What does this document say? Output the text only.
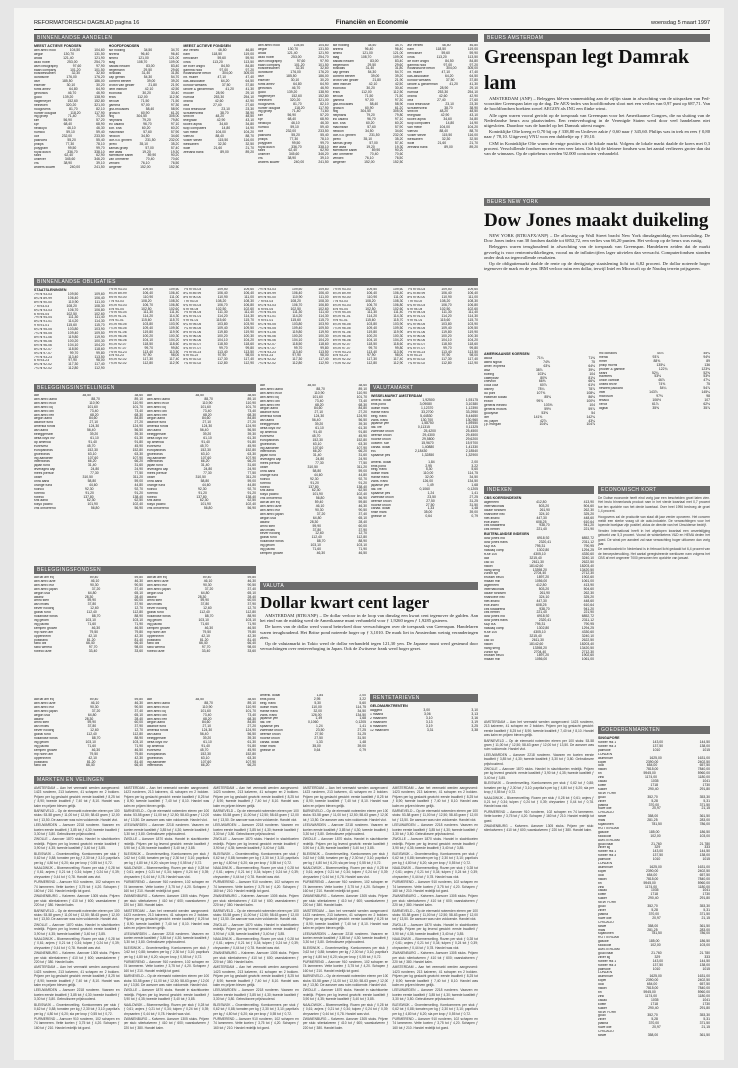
REFORMATORISCH DAGBLAD pagina 16	Financiën en Economie	woensdag 5 maart 1997
BINNENLANDSE AANDELEN
MEEST ACTIEVE FONDSEN
abn amro hold	104,50	104,60
aegon	130,70	131,50
ahold	121,40	121,90
akzo nobel	253,00	254,70
asm lithography	97,60	97,90
baan company	101,20	101,50
bolswessanen	32,30	32,60
dordtsche	176,00	176,20
dsm	185,50	186,00
elsevier	30,10	30,20
fortis amev	64,80	64,90
getronics	46,70	46,90
gucci	139,20	138,90
hagemeyer	152,60	152,80
heineken	320,20	321,00
hoogovens	81,70	82,10
hunter douglas	118,20	117,90
ing groep	71,40	71,60
klm	56,90	57,20
kpn	68,40	68,90
nedlloyd	46,10	46,30
numico	59,10	59,40
oce	232,00	233,50
pakhoed	55,20	55,40
philips	77,30	78,10
polygram	99,50	99,70
royal dutch	336,70	338,10
stork	62,40	62,90
unilever	345,60	346,20
vnu	38,90	39,10
wolters kluwer	240,00	241,50
HOOFDFONDSEN
acf holding	34,50	34,70
ahrend	96,40	96,40
ammo	121,00	121,00
atag	108,70	109,00
ballast nedam	83,00	83,40
begemann	29,50	29,60
boskalis	31,40	31,80
cap gemini	54,30	54,70
content beheer	39,00	39,20
crown van gelder	21,80	21,90
delft instrum	42,10	42,50
econosto	30,20	30,40
eriks	112,00	112,50
flexovit	71,50	71,50
gamma	97,00	97,30
gist-brocades	58,40	58,90
grolsch	60,90	61,20
hbg	304,50	305,00
heijmans	79,20	79,80
ihc caland	96,70	97,10
kon. kna	60,20	60,20
macintosh	57,60	57,90
nedcon	34,50	34,60
oce-v.d. grinten	231,50	232,00
pirelli	35,10	35,20
samas groep	57,00	57,40
tele atlas	19,20	19,30
twentsche kabel	89,90	90,20
van ommeren	70,40	70,60
vendex	76,10	76,50
wegener	152,00	152,50
MEEST ACTIEVE FONDSEN
asr verzek	46,50	46,80
bam	118,50	119,00
benckiser	59,60	59,90
cindu	113,20	113,50
de boer unigro	84,50	84,80
gamma hold	97,00	97,20
hollandsche beton	304,00	305,00
int. muller	47,10	47,40
kas-associatie	64,20	64,50
kondor wessels	37,50	37,80
landre & glinderman	41,20	41,30
moolen	28,90	29,10
nutricia	253,30	254,10
ordina	42,60	42,90
otra	27,40	27,60
rood testhouse	23,10	23,30
schuttersveld	38,70	38,90
smit int	48,20	48,50
telegraaf	42,90	43,10
toolex alpha	34,60	34,80
tulip computers	14,80	14,90
van melle	104,00	104,20
vilenzo	88,40	88,70
volker stevin	115,50	116,00
wessanen	32,30	32,50
wolff	21,60	21,70
zeeland bank	89,00	89,20
abn amro hold	104,50	104,60
aegon	130,70	131,50
ahold	121,40	121,90
akzo nobel	253,00	254,70
asm lithography	97,60	97,90
baan company	101,20	101,50
bolswessanen	32,30	32,60
dordtsche	176,00	176,20
dsm	185,50	186,00
elsevier	30,10	30,20
fortis amev	64,80	64,90
getronics	46,70	46,90
gucci	139,20	138,90
hagemeyer	152,60	152,80
heineken	320,20	321,00
hoogovens	81,70	82,10
hunter douglas	118,20	117,90
ing groep	71,40	71,60
klm	56,90	57,20
kpn	68,40	68,90
nedlloyd	46,10	46,30
numico	59,10	59,40
oce	232,00	233,50
pakhoed	55,20	55,40
philips	77,30	78,10
polygram	99,50	99,70
royal dutch	336,70	338,10
stork	62,40	62,90
unilever	345,60	346,20
vnu	38,90	39,10
wolters kluwer	240,00	241,50
acf holding	34,50	34,70
ahrend	96,40	96,40
ammo	121,00	121,00
atag	108,70	109,00
ballast nedam	83,00	83,40
begemann	29,50	29,60
boskalis	31,40	31,80
cap gemini	54,30	54,70
content beheer	39,00	39,20
crown van gelder	21,80	21,90
delft instrum	42,10	42,50
econosto	30,20	30,40
eriks	112,00	112,50
flexovit	71,50	71,50
gamma	97,00	97,30
gist-brocades	58,40	58,90
grolsch	60,90	61,20
hbg	304,50	305,00
heijmans	79,20	79,80
ihc caland	96,70	97,10
kon. kna	60,20	60,20
macintosh	57,60	57,90
nedcon	34,50	34,60
oce-v.d. grinten	231,50	232,00
pirelli	35,10	35,20
samas groep	57,00	57,40
tele atlas	19,20	19,30
twentsche kabel	89,90	90,20
van ommeren	70,40	70,60
vendex	76,10	76,50
wegener	152,00	152,50
asr verzek	46,50	46,80
bam	118,50	119,00
benckiser	59,60	59,90
cindu	113,20	113,50
de boer unigro	84,50	84,80
gamma hold	97,00	97,20
hollandsche beton	304,00	305,00
int. muller	47,10	47,40
kas-associatie	64,20	64,50
kondor wessels	37,50	37,80
landre & glinderman	41,20	41,30
moolen	28,90	29,10
nutricia	253,30	254,10
ordina	42,60	42,90
otra	27,40	27,60
rood testhouse	23,10	23,30
schuttersveld	38,70	38,90
smit int	48,20	48,50
telegraaf	42,90	43,10
toolex alpha	34,60	34,80
tulip computers	14,80	14,90
van melle	104,00	104,20
vilenzo	88,40	88,70
volker stevin	115,50	116,00
wessanen	32,30	32,50
wolff	21,60	21,70
zeeland bank	89,00	89,20
BINNENLANDSE OBLIGATIES
STAATSLENINGEN
7½ nl 93-03	109,50	109,60
8¼ nl 89-99	106,40	106,40
8½ nl 90-00	110,90	111,00
7 nl 93-03	108,20	108,30
6¾ nl 93-03	106,70	106,80
6 nl 94-04	102,50	102,60
7½ nl 94-04	111,30	111,40
8¾ nl 91-01	114,20	114,30
9 nl 91-01	115,60	115,70
6¼ nl 95-05	103,80	103,90
7¼ nl 95-05	109,40	109,50
8½ nl 91-06	119,80	119,90
5¾ nl 96-06	100,20	100,30
6½ nl 96-06	104,10	104,20
8¼ nl 92-07	118,50	118,60
5¾ nl 97-07	99,70	99,80
7½ nl 93-23	113,40	113,50
6 nl 93-23	97,90	98,00
8¾ nl 92-02	117,30	117,40
7¾ nl 92-02	112,80	112,90
7½ nl 93-03	109,50	109,60
8¼ nl 89-99	106,40	106,40
8½ nl 90-00	110,90	111,00
7 nl 93-03	108,20	108,30
6¾ nl 93-03	106,70	106,80
6 nl 94-04	102,50	102,60
7½ nl 94-04	111,30	111,40
8¾ nl 91-01	114,20	114,30
9 nl 91-01	115,60	115,70
6¼ nl 95-05	103,80	103,90
7¼ nl 95-05	109,40	109,50
8½ nl 91-06	119,80	119,90
5¾ nl 96-06	100,20	100,30
6½ nl 96-06	104,10	104,20
8¼ nl 92-07	118,50	118,60
5¾ nl 97-07	99,70	99,80
7½ nl 93-23	113,40	113,50
6 nl 93-23	97,90	98,00
8¾ nl 92-02	117,30	117,40
7¾ nl 92-02	112,80	112,90
7½ nl 93-03	109,50	109,60
8¼ nl 89-99	106,40	106,40
8½ nl 90-00	110,90	111,00
7 nl 93-03	108,20	108,30
6¾ nl 93-03	106,70	106,80
6 nl 94-04	102,50	102,60
7½ nl 94-04	111,30	111,40
8¾ nl 91-01	114,20	114,30
9 nl 91-01	115,60	115,70
6¼ nl 95-05	103,80	103,90
7¼ nl 95-05	109,40	109,50
8½ nl 91-06	119,80	119,90
5¾ nl 96-06	100,20	100,30
6½ nl 96-06	104,10	104,20
8¼ nl 92-07	118,50	118,60
5¾ nl 97-07	99,70	99,80
7½ nl 93-23	113,40	113,50
6 nl 93-23	97,90	98,00
8¾ nl 92-02	117,30	117,40
7¾ nl 92-02	112,80	112,90
7½ nl 93-03	109,50	109,60
8¼ nl 89-99	106,40	106,40
8½ nl 90-00	110,90	111,00
7 nl 93-03	108,20	108,30
6¾ nl 93-03	106,70	106,80
6 nl 94-04	102,50	102,60
7½ nl 94-04	111,30	111,40
8¾ nl 91-01	114,20	114,30
9 nl 91-01	115,60	115,70
6¼ nl 95-05	103,80	103,90
7¼ nl 95-05	109,40	109,50
8½ nl 91-06	119,80	119,90
5¾ nl 96-06	100,20	100,30
6½ nl 96-06	104,10	104,20
8¼ nl 92-07	118,50	118,60
5¾ nl 97-07	99,70	99,80
7½ nl 93-23	113,40	113,50
6 nl 93-23	97,90	98,00
8¾ nl 92-02	117,30	117,40
7¾ nl 92-02	112,80	112,90
7½ nl 93-03	109,50	109,60
8¼ nl 89-99	106,40	106,40
8½ nl 90-00	110,90	111,00
7 nl 93-03	108,20	108,30
6¾ nl 93-03	106,70	106,80
6 nl 94-04	102,50	102,60
7½ nl 94-04	111,30	111,40
8¾ nl 91-01	114,20	114,30
9 nl 91-01	115,60	115,70
6¼ nl 95-05	103,80	103,90
7¼ nl 95-05	109,40	109,50
8½ nl 91-06	119,80	119,90
5¾ nl 96-06	100,20	100,30
6½ nl 96-06	104,10	104,20
8¼ nl 92-07	118,50	118,60
5¾ nl 97-07	99,70	99,80
7½ nl 93-23	113,40	113,50
6 nl 93-23	97,90	98,00
8¾ nl 92-02	117,30	117,40
7¾ nl 92-02	112,80	112,90
7½ nl 93-03	109,50	109,60
8¼ nl 89-99	106,40	106,40
8½ nl 90-00	110,90	111,00
7 nl 93-03	108,20	108,30
6¾ nl 93-03	106,70	106,80
6 nl 94-04	102,50	102,60
7½ nl 94-04	111,30	111,40
8¾ nl 91-01	114,20	114,30
9 nl 91-01	115,60	115,70
6¼ nl 95-05	103,80	103,90
7¼ nl 95-05	109,40	109,50
8½ nl 91-06	119,80	119,90
5¾ nl 96-06	100,20	100,30
6½ nl 96-06	104,10	104,20
8¼ nl 92-07	118,50	118,60
5¾ nl 97-07	99,70	99,80
7½ nl 93-23	113,40	113,50
6 nl 93-23	97,90	98,00
8¾ nl 92-02	117,30	117,40
7¾ nl 92-02	112,80	112,90
BELEGGINGSINSTELLINGEN
aaf	38,50	38,60
abn amro aand	88,70	89,10
abn amro ecuf	110,90	110,90
abn amro liq	101,60	101,70
abn amro obl	73,40	73,40
abn amro ren	68,20	68,30
aegon aand	84,60	84,80
alliance fund	27,10	27,20
amerika fonds	124,30	124,90
asn aand	56,40	56,50
beleggersbel	39,20	39,30
delta lloyd inv	61,10	61,30
dp amerika	91,40	91,80
eurinvest	45,70	45,90
europafonds	152,30	152,80
groeifonds	63,10	63,30
ing aandelen	107,60	107,90
interbonds	66,20	66,20
japan fund	31,40	31,60
leveraged cap	24,80	24,90
mees pierson	77,30	77,50
obam	310,50	311,20
ohra aand	58,80	59,00
orange fund	44,60	44,80
rolinco	92,30	92,70
rorento	91,20	91,20
robeco	137,80	138,40
sns aand	62,30	62,50
tokyo pacific	101,90	102,40
vhs onroerend	56,80	56,90
aaf	38,50	38,60
abn amro aand	88,70	89,10
abn amro ecuf	110,90	110,90
abn amro liq	101,60	101,70
abn amro obl	73,40	73,40
abn amro ren	68,20	68,30
aegon aand	84,60	84,80
alliance fund	27,10	27,20
amerika fonds	124,30	124,90
asn aand	56,40	56,50
beleggersbel	39,20	39,30
delta lloyd inv	61,10	61,30
dp amerika	91,40	91,80
eurinvest	45,70	45,90
europafonds	152,30	152,80
groeifonds	63,10	63,30
ing aandelen	107,60	107,90
interbonds	66,20	66,20
japan fund	31,40	31,60
leveraged cap	24,80	24,90
mees pierson	77,30	77,50
obam	310,50	311,20
ohra aand	58,80	59,00
orange fund	44,60	44,80
rolinco	92,30	92,70
rorento	91,20	91,20
robeco	137,80	138,40
sns aand	62,30	62,50
tokyo pacific	101,90	102,40
vhs onroerend	56,80	56,90
BELEGGINGSFONDSEN
aaf lat am eq	59,40	59,80
abn amro azie	46,10	46,30
abn amro eur	90,30	90,50
abn amro japan	37,20	37,40
aegon usa	64,80	65,10
allianz	28,30	28,40
amro sterl	59,90	60,00
asn milieu	37,80	37,90
bever holding	12,60	12,70
global fund	112,40	112,80
hollandse fonds	88,70	88,90
ing geldm	103,10	103,10
ing pacific	71,60	71,90
kempen growth	46,30	46,50
mp north am	79,50	79,80
oppenheim	42,10	42,30
postbank	81,20	81,40
rabo obl	66,40	66,40
rabo wereld	97,70	98,00
robeco azie	33,40	33,60
aaf lat am eq	59,40	59,80
abn amro azie	46,10	46,30
abn amro eur	90,30	90,50
abn amro japan	37,20	37,40
aegon usa	64,80	65,10
allianz	28,30	28,40
amro sterl	59,90	60,00
asn milieu	37,80	37,90
bever holding	12,60	12,70
global fund	112,40	112,80
hollandse fonds	88,70	88,90
ing geldm	103,10	103,10
ing pacific	71,60	71,90
kempen growth	46,30	46,50
mp north am	79,50	79,80
oppenheim	42,10	42,30
postbank	81,20	81,40
rabo obl	66,40	66,40
rabo wereld	97,70	98,00
robeco azie	33,40	33,60
aaf	38,50	38,60
abn amro aand	88,70	89,10
abn amro ecuf	110,90	110,90
abn amro liq	101,60	101,70
abn amro obl	73,40	73,40
abn amro ren	68,20	68,30
aegon aand	84,60	84,80
alliance fund	27,10	27,20
amerika fonds	124,30	124,90
asn aand	56,40	56,50
beleggersbel	39,20	39,30
delta lloyd inv	61,10	61,30
dp amerika	91,40	91,80
eurinvest	45,70	45,90
europafonds	152,30	152,80
groeifonds	63,10	63,30
ing aandelen	107,60	107,90
interbonds	66,20	66,20
japan fund	31,40	31,60
leveraged cap	24,80	24,90
mees pierson	77,30	77,50
obam	310,50	311,20
ohra aand	58,80	59,00
orange fund	44,60	44,80
rolinco	92,30	92,70
rorento	91,20	91,20
robeco	137,80	138,40
sns aand	62,30	62,50
tokyo pacific	101,90	102,40
vhs onroerend	56,80	56,90
aaf lat am eq	59,40	59,80
abn amro azie	46,10	46,30
abn amro eur	90,30	90,50
abn amro japan	37,20	37,40
aegon usa	64,80	65,10
allianz	28,30	28,40
amro sterl	59,90	60,00
asn milieu	37,80	37,90
bever holding	12,60	12,70
global fund	112,40	112,80
hollandse fonds	88,70	88,90
ing geldm	103,10	103,10
ing pacific	71,60	71,90
kempen growth	46,30	46,50
WISSELMARKT AMSTERDAM
amerik. dollar	1,92500	1,93175
brits pond	3,09080	3,10380
duitse mark	1,12370	1,12390
franse frank	33,2700	33,2950
belg. frank	5,44530	5,44650
zwits. frank	130,700	130,960
japanse yen	1,58750	1,59550
ital. lire	0,11315	0,11325
zweedse kroon	25,4200	25,4500
deense kroon	29,4300	29,4500
noorse kroon	29,5800	29,6200
oostenr. sch	15,9670	15,9700
canad. dollar	1,40880	1,41330
ecu	2,18430	2,18540
spaanse pes	1,32850	1,32900
amerik. dollar	1,84	2,00
brits pond	2,95	3,22
belg. frank	5,30	5,60
duitse mark	110,00	114,75
franse frank	32,00	34,50
zwits. frank	126,00	134,50
japanse yen	1,49	1,68
ital. lire	0,1060	0,1205
spaanse pes	1,24	1,41
zweedse kroon	23,50	27,25
deense kroon	27,50	31,25
noorse kroon	27,50	31,50
canad. dollar	1,33	1,48
finse mark	35,00	39,00
griekse dr	0,64	0,79
VALUTAMARKT
VALUTA
Dollar kwart cent lager

AMSTERDAM (RTR/ANP) – De dollar verloor in de loop van dinsdag een kwart cent tegenover de gulden. Aan het eind van de middag werd de Amerikaanse munt verhandeld voor ƒ 1,9260 tegen ƒ 1,9285 gisteren.

De koers van de dollar werd vooral beïnvloed door verwachtingen over de toespraak van Greenspan. Handelaren waren terughoudend. Het Britse pond noteerde hoger op ƒ 3,1010. De mark liet in Amsterdam weinig veranderingen zien.

Op de valutamarkt in Tokio werd de dollar verhandeld tegen 121,30 yen. De Japanse munt werd gesteund door verwachtingen over renteverhoging in Japan. Ook de Zwitserse frank werd hoger gezet.

RENTETARIEVEN
MARKTEN EN VELINGEN

AMSTERDAM – Aan het veemarkt werden aangevoerd: 1423 runderen, 213 kalveren, 41 schapen en 2 bokken. Prijzen per kg geslacht gewicht: eerste kwaliteit ƒ 8,25 tot ƒ 8,90; tweede kwaliteit ƒ 7,40 tot ƒ 8,10. Handel was kalm en prijzen bleven gelijk.

BARNEVELD – Op de eiermarkt noteerden eieren per 100 stuks: 53-58 gram ƒ 11,00 tot ƒ 12,50; 58-63 gram ƒ 12,00 tot ƒ 13,50. De aanvoer was ruim voldoende. Handel vlot.

LEEUWARDEN – Aanvoer 2218 runderen. Vaarzen en koeien eerste kwaliteit ƒ 3,85 tot ƒ 4,30; tweede kwaliteit ƒ 3,30 tot ƒ 3,80. Gebruiksvee prijshoudend.

ZWOLLE – Aanvoer 1870 stuks. Handel in slachtkoeien redelijk. Prijzen per kg levend gewicht: eerste kwaliteit ƒ 3,90 tot ƒ 4,35; tweede kwaliteit ƒ 3,40 tot ƒ 3,85.

BLEISWIJK – Groentenveiling. Komkommers per stuk ƒ 0,62 tot ƒ 0,88; tomaten per kg ƒ 2,30 tot ƒ 3,10; paprika's per kg ƒ 4,80 tot ƒ 6,20; sla per krop ƒ 0,55 tot ƒ 0,72.

NAALDWIJK – Bloemenveiling. Rozen per stuk ƒ 0,28 tot ƒ 0,61; anjers ƒ 0,21 tot ƒ 0,34; tulpen ƒ 0,24 tot ƒ 0,39; chrysanten ƒ 0,44 tot ƒ 0,78. Handel was vlot.

PURMEREND – Aanvoer 910 runderen, 102 schapen en 74 lammeren. Vette koeien ƒ 3,75 tot ƒ 4,20. Schapen ƒ 160 tot ƒ 210. Handel redelijk tot goed.

ZWANENBURG – Kalveren. Aanvoer 1305 stuks. Prijzen per stuk: stierkalveren ƒ 410 tot ƒ 600; vaarskalveren ƒ 220 tot ƒ 380. Handel kalm.

BARNEVELD – Op de eiermarkt noteerden eieren per 100 stuks: 53-58 gram ƒ 11,00 tot ƒ 12,50; 58-63 gram ƒ 12,00 tot ƒ 13,50. De aanvoer was ruim voldoende. Handel vlot.

ZWOLLE – Aanvoer 1870 stuks. Handel in slachtkoeien redelijk. Prijzen per kg levend gewicht: eerste kwaliteit ƒ 3,90 tot ƒ 4,35; tweede kwaliteit ƒ 3,40 tot ƒ 3,85.

NAALDWIJK – Bloemenveiling. Rozen per stuk ƒ 0,28 tot ƒ 0,61; anjers ƒ 0,21 tot ƒ 0,34; tulpen ƒ 0,24 tot ƒ 0,39; chrysanten ƒ 0,44 tot ƒ 0,78. Handel was vlot.

ZWANENBURG – Kalveren. Aanvoer 1305 stuks. Prijzen per stuk: stierkalveren ƒ 410 tot ƒ 600; vaarskalveren ƒ 220 tot ƒ 380. Handel kalm.

AMSTERDAM – Aan het veemarkt werden aangevoerd: 1423 runderen, 213 kalveren, 41 schapen en 2 bokken. Prijzen per kg geslacht gewicht: eerste kwaliteit ƒ 8,25 tot ƒ 8,90; tweede kwaliteit ƒ 7,40 tot ƒ 8,10. Handel was kalm en prijzen bleven gelijk.

LEEUWARDEN – Aanvoer 2218 runderen. Vaarzen en koeien eerste kwaliteit ƒ 3,85 tot ƒ 4,30; tweede kwaliteit ƒ 3,30 tot ƒ 3,80. Gebruiksvee prijshoudend.

BLEISWIJK – Groentenveiling. Komkommers per stuk ƒ 0,62 tot ƒ 0,88; tomaten per kg ƒ 2,30 tot ƒ 3,10; paprika's per kg ƒ 4,80 tot ƒ 6,20; sla per krop ƒ 0,55 tot ƒ 0,72.

PURMEREND – Aanvoer 910 runderen, 102 schapen en 74 lammeren. Vette koeien ƒ 3,75 tot ƒ 4,20. Schapen ƒ 160 tot ƒ 210. Handel redelijk tot goed.

AMSTERDAM – Aan het veemarkt werden aangevoerd: 1423 runderen, 213 kalveren, 41 schapen en 2 bokken. Prijzen per kg geslacht gewicht: eerste kwaliteit ƒ 8,25 tot ƒ 8,90; tweede kwaliteit ƒ 7,40 tot ƒ 8,10. Handel was kalm en prijzen bleven gelijk.

BARNEVELD – Op de eiermarkt noteerden eieren per 100 stuks: 53-58 gram ƒ 11,00 tot ƒ 12,50; 58-63 gram ƒ 12,00 tot ƒ 13,50. De aanvoer was ruim voldoende. Handel vlot.

LEEUWARDEN – Aanvoer 2218 runderen. Vaarzen en koeien eerste kwaliteit ƒ 3,85 tot ƒ 4,30; tweede kwaliteit ƒ 3,30 tot ƒ 3,80. Gebruiksvee prijshoudend.

ZWOLLE – Aanvoer 1870 stuks. Handel in slachtkoeien redelijk. Prijzen per kg levend gewicht: eerste kwaliteit ƒ 3,90 tot ƒ 4,35; tweede kwaliteit ƒ 3,40 tot ƒ 3,85.

BLEISWIJK – Groentenveiling. Komkommers per stuk ƒ 0,62 tot ƒ 0,88; tomaten per kg ƒ 2,30 tot ƒ 3,10; paprika's per kg ƒ 4,80 tot ƒ 6,20; sla per krop ƒ 0,55 tot ƒ 0,72.

NAALDWIJK – Bloemenveiling. Rozen per stuk ƒ 0,28 tot ƒ 0,61; anjers ƒ 0,21 tot ƒ 0,34; tulpen ƒ 0,24 tot ƒ 0,39; chrysanten ƒ 0,44 tot ƒ 0,78. Handel was vlot.

PURMEREND – Aanvoer 910 runderen, 102 schapen en 74 lammeren. Vette koeien ƒ 3,75 tot ƒ 4,20. Schapen ƒ 160 tot ƒ 210. Handel redelijk tot goed.

ZWANENBURG – Kalveren. Aanvoer 1305 stuks. Prijzen per stuk: stierkalveren ƒ 410 tot ƒ 600; vaarskalveren ƒ 220 tot ƒ 380. Handel kalm.

AMSTERDAM – Aan het veemarkt werden aangevoerd: 1423 runderen, 213 kalveren, 41 schapen en 2 bokken. Prijzen per kg geslacht gewicht: eerste kwaliteit ƒ 8,25 tot ƒ 8,90; tweede kwaliteit ƒ 7,40 tot ƒ 8,10. Handel was kalm en prijzen bleven gelijk.

LEEUWARDEN – Aanvoer 2218 runderen. Vaarzen en koeien eerste kwaliteit ƒ 3,85 tot ƒ 4,30; tweede kwaliteit ƒ 3,30 tot ƒ 3,80. Gebruiksvee prijshoudend.

BLEISWIJK – Groentenveiling. Komkommers per stuk ƒ 0,62 tot ƒ 0,88; tomaten per kg ƒ 2,30 tot ƒ 3,10; paprika's per kg ƒ 4,80 tot ƒ 6,20; sla per krop ƒ 0,55 tot ƒ 0,72.

PURMEREND – Aanvoer 910 runderen, 102 schapen en 74 lammeren. Vette koeien ƒ 3,75 tot ƒ 4,20. Schapen ƒ 160 tot ƒ 210. Handel redelijk tot goed.

BARNEVELD – Op de eiermarkt noteerden eieren per 100 stuks: 53-58 gram ƒ 11,00 tot ƒ 12,50; 58-63 gram ƒ 12,00 tot ƒ 13,50. De aanvoer was ruim voldoende. Handel vlot.

ZWOLLE – Aanvoer 1870 stuks. Handel in slachtkoeien redelijk. Prijzen per kg levend gewicht: eerste kwaliteit ƒ 3,90 tot ƒ 4,35; tweede kwaliteit ƒ 3,40 tot ƒ 3,85.

NAALDWIJK – Bloemenveiling. Rozen per stuk ƒ 0,28 tot ƒ 0,61; anjers ƒ 0,21 tot ƒ 0,34; tulpen ƒ 0,24 tot ƒ 0,39; chrysanten ƒ 0,44 tot ƒ 0,78. Handel was vlot.

ZWANENBURG – Kalveren. Aanvoer 1305 stuks. Prijzen per stuk: stierkalveren ƒ 410 tot ƒ 600; vaarskalveren ƒ 220 tot ƒ 380. Handel kalm.

AMSTERDAM – Aan het veemarkt werden aangevoerd: 1423 runderen, 213 kalveren, 41 schapen en 2 bokken. Prijzen per kg geslacht gewicht: eerste kwaliteit ƒ 8,25 tot ƒ 8,90; tweede kwaliteit ƒ 7,40 tot ƒ 8,10. Handel was kalm en prijzen bleven gelijk.

BARNEVELD – Op de eiermarkt noteerden eieren per 100 stuks: 53-58 gram ƒ 11,00 tot ƒ 12,50; 58-63 gram ƒ 12,00 tot ƒ 13,50. De aanvoer was ruim voldoende. Handel vlot.

LEEUWARDEN – Aanvoer 2218 runderen. Vaarzen en koeien eerste kwaliteit ƒ 3,85 tot ƒ 4,30; tweede kwaliteit ƒ 3,30 tot ƒ 3,80. Gebruiksvee prijshoudend.

ZWOLLE – Aanvoer 1870 stuks. Handel in slachtkoeien redelijk. Prijzen per kg levend gewicht: eerste kwaliteit ƒ 3,90 tot ƒ 4,35; tweede kwaliteit ƒ 3,40 tot ƒ 3,85.

BLEISWIJK – Groentenveiling. Komkommers per stuk ƒ 0,62 tot ƒ 0,88; tomaten per kg ƒ 2,30 tot ƒ 3,10; paprika's per kg ƒ 4,80 tot ƒ 6,20; sla per krop ƒ 0,55 tot ƒ 0,72.

NAALDWIJK – Bloemenveiling. Rozen per stuk ƒ 0,28 tot ƒ 0,61; anjers ƒ 0,21 tot ƒ 0,34; tulpen ƒ 0,24 tot ƒ 0,39; chrysanten ƒ 0,44 tot ƒ 0,78. Handel was vlot.

PURMEREND – Aanvoer 910 runderen, 102 schapen en 74 lammeren. Vette koeien ƒ 3,75 tot ƒ 4,20. Schapen ƒ 160 tot ƒ 210. Handel redelijk tot goed.

ZWANENBURG – Kalveren. Aanvoer 1305 stuks. Prijzen per stuk: stierkalveren ƒ 410 tot ƒ 600; vaarskalveren ƒ 220 tot ƒ 380. Handel kalm.

BARNEVELD – Op de eiermarkt noteerden eieren per 100 stuks: 53-58 gram ƒ 11,00 tot ƒ 12,50; 58-63 gram ƒ 12,00 tot ƒ 13,50. De aanvoer was ruim voldoende. Handel vlot.

ZWOLLE – Aanvoer 1870 stuks. Handel in slachtkoeien redelijk. Prijzen per kg levend gewicht: eerste kwaliteit ƒ 3,90 tot ƒ 4,35; tweede kwaliteit ƒ 3,40 tot ƒ 3,85.

NAALDWIJK – Bloemenveiling. Rozen per stuk ƒ 0,28 tot ƒ 0,61; anjers ƒ 0,21 tot ƒ 0,34; tulpen ƒ 0,24 tot ƒ 0,39; chrysanten ƒ 0,44 tot ƒ 0,78. Handel was vlot.

ZWANENBURG – Kalveren. Aanvoer 1305 stuks. Prijzen per stuk: stierkalveren ƒ 410 tot ƒ 600; vaarskalveren ƒ 220 tot ƒ 380. Handel kalm.

AMSTERDAM – Aan het veemarkt werden aangevoerd: 1423 runderen, 213 kalveren, 41 schapen en 2 bokken. Prijzen per kg geslacht gewicht: eerste kwaliteit ƒ 8,25 tot ƒ 8,90; tweede kwaliteit ƒ 7,40 tot ƒ 8,10. Handel was kalm en prijzen bleven gelijk.

LEEUWARDEN – Aanvoer 2218 runderen. Vaarzen en koeien eerste kwaliteit ƒ 3,85 tot ƒ 4,30; tweede kwaliteit ƒ 3,30 tot ƒ 3,80. Gebruiksvee prijshoudend.

BLEISWIJK – Groentenveiling. Komkommers per stuk ƒ 0,62 tot ƒ 0,88; tomaten per kg ƒ 2,30 tot ƒ 3,10; paprika's per kg ƒ 4,80 tot ƒ 6,20; sla per krop ƒ 0,55 tot ƒ 0,72.

PURMEREND – Aanvoer 910 runderen, 102 schapen en 74 lammeren. Vette koeien ƒ 3,75 tot ƒ 4,20. Schapen ƒ 160 tot ƒ 210. Handel redelijk tot goed.

AMSTERDAM – Aan het veemarkt werden aangevoerd: 1423 runderen, 213 kalveren, 41 schapen en 2 bokken. Prijzen per kg geslacht gewicht: eerste kwaliteit ƒ 8,25 tot ƒ 8,90; tweede kwaliteit ƒ 7,40 tot ƒ 8,10. Handel was kalm en prijzen bleven gelijk.

BARNEVELD – Op de eiermarkt noteerden eieren per 100 stuks: 53-58 gram ƒ 11,00 tot ƒ 12,50; 58-63 gram ƒ 12,00 tot ƒ 13,50. De aanvoer was ruim voldoende. Handel vlot.

LEEUWARDEN – Aanvoer 2218 runderen. Vaarzen en koeien eerste kwaliteit ƒ 3,85 tot ƒ 4,30; tweede kwaliteit ƒ 3,30 tot ƒ 3,80. Gebruiksvee prijshoudend.

ZWOLLE – Aanvoer 1870 stuks. Handel in slachtkoeien redelijk. Prijzen per kg levend gewicht: eerste kwaliteit ƒ 3,90 tot ƒ 4,35; tweede kwaliteit ƒ 3,40 tot ƒ 3,85.

BLEISWIJK – Groentenveiling. Komkommers per stuk ƒ 0,62 tot ƒ 0,88; tomaten per kg ƒ 2,30 tot ƒ 3,10; paprika's per kg ƒ 4,80 tot ƒ 6,20; sla per krop ƒ 0,55 tot ƒ 0,72.

NAALDWIJK – Bloemenveiling. Rozen per stuk ƒ 0,28 tot ƒ 0,61; anjers ƒ 0,21 tot ƒ 0,34; tulpen ƒ 0,24 tot ƒ 0,39; chrysanten ƒ 0,44 tot ƒ 0,78. Handel was vlot.

PURMEREND – Aanvoer 910 runderen, 102 schapen en 74 lammeren. Vette koeien ƒ 3,75 tot ƒ 4,20. Schapen ƒ 160 tot ƒ 210. Handel redelijk tot goed.

ZWANENBURG – Kalveren. Aanvoer 1305 stuks. Prijzen per stuk: stierkalveren ƒ 410 tot ƒ 600; vaarskalveren ƒ 220 tot ƒ 380. Handel kalm.

AMSTERDAM – Aan het veemarkt werden aangevoerd: 1423 runderen, 213 kalveren, 41 schapen en 2 bokken. Prijzen per kg geslacht gewicht: eerste kwaliteit ƒ 8,25 tot ƒ 8,90; tweede kwaliteit ƒ 7,40 tot ƒ 8,10. Handel was kalm en prijzen bleven gelijk.

LEEUWARDEN – Aanvoer 2218 runderen. Vaarzen en koeien eerste kwaliteit ƒ 3,85 tot ƒ 4,30; tweede kwaliteit ƒ 3,30 tot ƒ 3,80. Gebruiksvee prijshoudend.

BLEISWIJK – Groentenveiling. Komkommers per stuk ƒ 0,62 tot ƒ 0,88; tomaten per kg ƒ 2,30 tot ƒ 3,10; paprika's per kg ƒ 4,80 tot ƒ 6,20; sla per krop ƒ 0,55 tot ƒ 0,72.

PURMEREND – Aanvoer 910 runderen, 102 schapen en 74 lammeren. Vette koeien ƒ 3,75 tot ƒ 4,20. Schapen ƒ 160 tot ƒ 210. Handel redelijk tot goed.

BARNEVELD – Op de eiermarkt noteerden eieren per 100 stuks: 53-58 gram ƒ 11,00 tot ƒ 12,50; 58-63 gram ƒ 12,00 tot ƒ 13,50. De aanvoer was ruim voldoende. Handel vlot.

ZWOLLE – Aanvoer 1870 stuks. Handel in slachtkoeien redelijk. Prijzen per kg levend gewicht: eerste kwaliteit ƒ 3,90 tot ƒ 4,35; tweede kwaliteit ƒ 3,40 tot ƒ 3,85.

NAALDWIJK – Bloemenveiling. Rozen per stuk ƒ 0,28 tot ƒ 0,61; anjers ƒ 0,21 tot ƒ 0,34; tulpen ƒ 0,24 tot ƒ 0,39; chrysanten ƒ 0,44 tot ƒ 0,78. Handel was vlot.

ZWANENBURG – Kalveren. Aanvoer 1305 stuks. Prijzen per stuk: stierkalveren ƒ 410 tot ƒ 600; vaarskalveren ƒ 220 tot ƒ 380. Handel kalm.

AMSTERDAM – Aan het veemarkt werden aangevoerd: 1423 runderen, 213 kalveren, 41 schapen en 2 bokken. Prijzen per kg geslacht gewicht: eerste kwaliteit ƒ 8,25 tot ƒ 8,90; tweede kwaliteit ƒ 7,40 tot ƒ 8,10. Handel was kalm en prijzen bleven gelijk.

BARNEVELD – Op de eiermarkt noteerden eieren per 100 stuks: 53-58 gram ƒ 11,00 tot ƒ 12,50; 58-63 gram ƒ 12,00 tot ƒ 13,50. De aanvoer was ruim voldoende. Handel vlot.

LEEUWARDEN – Aanvoer 2218 runderen. Vaarzen en koeien eerste kwaliteit ƒ 3,85 tot ƒ 4,30; tweede kwaliteit ƒ 3,30 tot ƒ 3,80. Gebruiksvee prijshoudend.

ZWOLLE – Aanvoer 1870 stuks. Handel in slachtkoeien redelijk. Prijzen per kg levend gewicht: eerste kwaliteit ƒ 3,90 tot ƒ 4,35; tweede kwaliteit ƒ 3,40 tot ƒ 3,85.

BLEISWIJK – Groentenveiling. Komkommers per stuk ƒ 0,62 tot ƒ 0,88; tomaten per kg ƒ 2,30 tot ƒ 3,10; paprika's per kg ƒ 4,80 tot ƒ 6,20; sla per krop ƒ 0,55 tot ƒ 0,72.

NAALDWIJK – Bloemenveiling. Rozen per stuk ƒ 0,28 tot ƒ 0,61; anjers ƒ 0,21 tot ƒ 0,34; tulpen ƒ 0,24 tot ƒ 0,39; chrysanten ƒ 0,44 tot ƒ 0,78. Handel was vlot.

PURMEREND – Aanvoer 910 runderen, 102 schapen en 74 lammeren. Vette koeien ƒ 3,75 tot ƒ 4,20. Schapen ƒ 160 tot ƒ 210. Handel redelijk tot goed.

ZWANENBURG – Kalveren. Aanvoer 1305 stuks. Prijzen per stuk: stierkalveren ƒ 410 tot ƒ 600; vaarskalveren ƒ 220 tot ƒ 380. Handel kalm.

BARNEVELD – Op de eiermarkt noteerden eieren per 100 stuks: 53-58 gram ƒ 11,00 tot ƒ 12,50; 58-63 gram ƒ 12,00 tot ƒ 13,50. De aanvoer was ruim voldoende. Handel vlot.

ZWOLLE – Aanvoer 1870 stuks. Handel in slachtkoeien redelijk. Prijzen per kg levend gewicht: eerste kwaliteit ƒ 3,90 tot ƒ 4,35; tweede kwaliteit ƒ 3,40 tot ƒ 3,85.

NAALDWIJK – Bloemenveiling. Rozen per stuk ƒ 0,28 tot ƒ 0,61; anjers ƒ 0,21 tot ƒ 0,34; tulpen ƒ 0,24 tot ƒ 0,39; chrysanten ƒ 0,44 tot ƒ 0,78. Handel was vlot.

ZWANENBURG – Kalveren. Aanvoer 1305 stuks. Prijzen per stuk: stierkalveren ƒ 410 tot ƒ 600; vaarskalveren ƒ 220 tot ƒ 380. Handel kalm.

AMSTERDAM – Aan het veemarkt werden aangevoerd: 1423 runderen, 213 kalveren, 41 schapen en 2 bokken. Prijzen per kg geslacht gewicht: eerste kwaliteit ƒ 8,25 tot ƒ 8,90; tweede kwaliteit ƒ 7,40 tot ƒ 8,10. Handel was kalm en prijzen bleven gelijk.

LEEUWARDEN – Aanvoer 2218 runderen. Vaarzen en koeien eerste kwaliteit ƒ 3,85 tot ƒ 4,30; tweede kwaliteit ƒ 3,30 tot ƒ 3,80. Gebruiksvee prijshoudend.

BLEISWIJK – Groentenveiling. Komkommers per stuk ƒ 0,62 tot ƒ 0,88; tomaten per kg ƒ 2,30 tot ƒ 3,10; paprika's per kg ƒ 4,80 tot ƒ 6,20; sla per krop ƒ 0,55 tot ƒ 0,72.

PURMEREND – Aanvoer 910 runderen, 102 schapen en 74 lammeren. Vette koeien ƒ 3,75 tot ƒ 4,20. Schapen ƒ 160 tot ƒ 210. Handel redelijk tot goed.

BEURS AMSTERDAM
Greenspan legt Damrak lam

AMSTERDAM (ANP) – Beleggers blèven vannemiddag aan de zijlijn staan in afwachting van de uitspraken van Fed-voorzitter Greenspan later op de dag. De AEX-index van hoofdfondsen sloot met een verlies van 0,97 punt op 687,71. Van de hoofdfondsen boekten zowel AEGON als ING een flinke winst.

Alle ogen waren vooral gericht op de toespraak van Greenspan voor het Amerikaanse Congres, die na sluiting van de Nederlandse beurs zou plaatsvinden. Een renteverhoging in de Verenigde Staten werd door veel handelaren niet uitgesloten. Daardoor was de handel op het Damrak uiterst mager.

Koninklijke Olie kreeg er 0,70 bij op ƒ 338,80 en Unilever zakte ƒ 0,60 naar ƒ 345,60. Philips was in trek en rees ƒ 0,80 naar ƒ 78,10. Uitgeverij VNU won een dubbeltje op ƒ 39,10.

CSM in Koninklijke Olie waren de enige posities uit de lokale markt. Volgens de lokale markt daalde de koers met 0,3 procent. Verschillende fondsen moesten een veer laten. Ook bij de kleinere fondsen was het aantal verliezers groter dan dat van de winnaars. Op de optiebeurs werden 92.000 contracten verhandeld.

BEURS NEW YORK
Dow Jones maakt duikeling

NEW YORK (RTR/AFX/ANP) – De aflossing op Wall Street bracht New York dinsdagmiddag een koersdaling. De Dow Jones index van 30 fondsen daalde tot 6852,72, een verlies van 66,20 punten. Het verloop op de beurs was rustig.

Beleggers waren terughoudend in afwachting van de toespraak van Greenspan. Handelaren zeiden dat de markt gevoelig is voor renteontwikkelingen, vooral nu de inflatiecijfers lager uitvielen dan verwacht. Computerfondsen stonden onder druk na tegenvallende resultaten.

Op de obligatiemarkt daalde de rente op de dertigjarige staatslening licht tot 6,82 procent. De dollar noteerde hoger tegenover de mark en de yen. IBM verloor ruim een dollar, terwijl Intel en Microsoft op de Nasdaq terrein prijsgaven.

AMERIKAANSE KOERSEN
alcoa	71¼	71⅜
allied signal	74⅝	75
amer. express	63¾	64⅛
at&t	38⅞	39¼
boeing	103¼	104
caterpillar	80⅝	81⅛
chevron	66⅜	66¾
coca cola	60⅞	61½
disney	78¼	78⅞
du pont	107⅝	108¼
eastman kodak	85¾	86⅛
exxon	99⅞	100½
general electric	103⅜	104
general motors	59½	59⅞
goodyear	53⅝	54
ibm	141⅝	142¾
int. paper	42⅞	43¼
j.p. morgan	104¼	104⅞
mc donald's	44⅞	45¼
merck	93⅞	94½
mmm	88⅝	89
philip morris	135¼	136
procter & gamble	122¾	123⅜
sears	52¼	52⅝
travelers	53⅛	53½
union carbide	46⅞	47¼
united techn	74⅝	75
hewlett packard	54¼	54⅞
intel	143⅞	145¼
microsoft	97⅜	98
texaco	106½	107
xerox	61⅞	62⅛
digital	35⅝	35⅞
INDEXEN	ECONOMISCH KORT
CBS KOERSINDEXEN
algemeen	412,80	413,90
internationals	503,20	504,60
lokale fondsen	261,90	262,30
financiele inst	324,10	325,20
niet-financ	447,30	448,60
eoe-index	608,25	610,64
cbs totaalrend	938,70	941,20
cbs herbel	221,40	221,90
BUITENLANDSE INDEXEN
dow jones ind	6918,92	6852,72
dow jones trans	2320,41	2311,12
s&p 500	795,31	790,95
nasdaq comp	1302,80	1294,25
ft-se 100	4305,10	4330,60
dax	3215,40	3240,10
cac 40	2611,30	2622,50
nikkei	18142,60	18203,40
hang seng	13398,20	13420,50
zurich spi	2704,40	2712,30
brussel bel20	1897,20	1902,60
milaan mib	1056,00	1061,00
algemeen	412,80	413,90
internationals	503,20	504,60
lokale fondsen	261,90	262,30
financiele inst	324,10	325,20
niet-financ	447,30	448,60
eoe-index	608,25	610,64
cbs totaalrend	938,70	941,20
cbs herbel	221,40	221,90
dow jones ind	6918,92	6852,72
dow jones trans	2320,41	2311,12
s&p 500	795,31	790,95
nasdaq comp	1302,80	1294,25
ft-se 100	4305,10	4330,60
dax	3215,40	3240,10
cac 40	2611,30	2622,50
nikkei	18142,60	18203,40
hang seng	13398,20	13420,50
zurich spi	2704,40	2712,30
brussel bel20	1897,20	1902,60
milaan mib	1056,00	1061,00

De Duitse economie heeft eind vorig jaar een bescheiden groei laten zien. Het bruto binnenlands product nam in het vierde kwartaal met 0,7 procent toe ten opzichte van het derde kwartaal. Over heel 1996 bedroeg de groei 1,4 procent.

Hoogovens zal de productie van staal dit jaar verder opvoeren. Het concern meldt een sterke vraag uit de auto-industrie. De verwachtingen voor het lopende boekjaar zijn positief, aldus de directie van het IJmuidense bedrijf.

Vendex International heeft in het afgelopen kwartaal een omzetstijging geboekt van 5,3 procent. Vooral de winkelketens V&D en HEMA deden het goed. De winst per aandeel zal naar verwachting hoger uitkomen dan vorig jaar.

De werkloosheid in Nederland is in februari licht gedaald tot 6,4 procent van de beroepsbevolking. Het aantal geregistreerde werklozen nam volgens het CBS af met ongeveer 7000 personen ten opzichte van januari.

GOEDERENMARKTEN
SINGAPORE
rubber rss 1	143,00	144,50
rubber rss 3	137,50	138,00
palmolie	1010	1015
LONDEN
aluminium	1625,00	1631,00
koper	2390,00	2402,50
lood	654,00	657,50
nikkel	7815,00	7840,00
tin	5945,00	5960,00
zink	1174,00	1180,00
cacao	1035	1041
koffie	1718	1730
suiker	290,40	291,80
NEW YORK
goud	352,70	353,30
zilver	5,28	5,31
platina	370,00	371,50
ruwe olie	20,97	21,15
CHICAGO
tarwe	358,00	361,50
mais	281,25	283,00
sojabonen	781,50	786,00
ROTTERDAM
gasolie	185,00	186,50
stookolie	102,00	103,00
AMSTERDAM
goud baar	21.760	21.780
zilver kg	329	333
rubber rss 1	143,00	144,50
rubber rss 3	137,50	138,00
palmolie	1010	1015
LONDEN
aluminium	1625,00	1631,00
koper	2390,00	2402,50
lood	654,00	657,50
nikkel	7815,00	7840,00
tin	5945,00	5960,00
zink	1174,00	1180,00
cacao	1035	1041
koffie	1718	1730
suiker	290,40	291,80
NEW YORK
goud	352,70	353,30
zilver	5,28	5,31
platina	370,00	371,50
ruwe olie	20,97	21,15
CHICAGO
tarwe	358,00	361,50
mais	281,25	283,00
sojabonen	781,50	786,00
ROTTERDAM
gasolie	185,00	186,50
stookolie	102,00	103,00
AMSTERDAM
goud baar	21.760	21.780
zilver kg	329	333
rubber rss 1	143,00	144,50
rubber rss 3	137,50	138,00
palmolie	1010	1015
LONDEN
aluminium	1625,00	1631,00
koper	2390,00	2402,50
lood	654,00	657,50
nikkel	7815,00	7840,00
tin	5945,00	5960,00
zink	1174,00	1180,00
cacao	1035	1041
koffie	1718	1730
suiker	290,40	291,80
NEW YORK
goud	352,70	353,30
zilver	5,28	5,31
platina	370,00	371,50
ruwe olie	20,97	21,15
CHICAGO
tarwe	358,00	361,50

AMSTERDAM – Aan het veemarkt werden aangevoerd: 1423 runderen, 213 kalveren, 41 schapen en 2 bokken. Prijzen per kg geslacht gewicht: eerste kwaliteit ƒ 8,25 tot ƒ 8,90; tweede kwaliteit ƒ 7,40 tot ƒ 8,10. Handel was kalm en prijzen bleven gelijk.

BARNEVELD – Op de eiermarkt noteerden eieren per 100 stuks: 53-58 gram ƒ 11,00 tot ƒ 12,50; 58-63 gram ƒ 12,00 tot ƒ 13,50. De aanvoer was ruim voldoende. Handel vlot.

LEEUWARDEN – Aanvoer 2218 runderen. Vaarzen en koeien eerste kwaliteit ƒ 3,85 tot ƒ 4,30; tweede kwaliteit ƒ 3,30 tot ƒ 3,80. Gebruiksvee prijshoudend.

ZWOLLE – Aanvoer 1870 stuks. Handel in slachtkoeien redelijk. Prijzen per kg levend gewicht: eerste kwaliteit ƒ 3,90 tot ƒ 4,35; tweede kwaliteit ƒ 3,40 tot ƒ 3,85.

BLEISWIJK – Groentenveiling. Komkommers per stuk ƒ 0,62 tot ƒ 0,88; tomaten per kg ƒ 2,30 tot ƒ 3,10; paprika's per kg ƒ 4,80 tot ƒ 6,20; sla per krop ƒ 0,55 tot ƒ 0,72.

NAALDWIJK – Bloemenveiling. Rozen per stuk ƒ 0,28 tot ƒ 0,61; anjers ƒ 0,21 tot ƒ 0,34; tulpen ƒ 0,24 tot ƒ 0,39; chrysanten ƒ 0,44 tot ƒ 0,78. Handel was vlot.

PURMEREND – Aanvoer 910 runderen, 102 schapen en 74 lammeren. Vette koeien ƒ 3,75 tot ƒ 4,20. Schapen ƒ 160 tot ƒ 210. Handel redelijk tot goed.

ZWANENBURG – Kalveren. Aanvoer 1305 stuks. Prijzen per stuk: stierkalveren ƒ 410 tot ƒ 600; vaarskalveren ƒ 220 tot ƒ 380. Handel kalm.

GELDMARKTRENTEN
daggeld	3,00	3,10
1 maand	3,06	3,13
2 maanden	3,10	3,16
3 maanden	3,13	3,19
6 maanden	3,19	3,25
12 maanden	3,31	3,38
amerik. dollar	1,84	2,00
brits pond	2,95	3,22
belg. frank	5,30	5,60
duitse mark	110,00	114,75
franse frank	32,00	34,50
zwits. frank	126,00	134,50
japanse yen	1,49	1,68
ital. lire	0,1060	0,1205
spaanse pes	1,24	1,41
zweedse kroon	23,50	27,25
deense kroon	27,50	31,25
noorse kroon	27,50	31,50
canad. dollar	1,33	1,48
finse mark	35,00	39,00
griekse dr	0,64	0,79
aaf lat am eq	59,40	59,80
abn amro azie	46,10	46,30
abn amro eur	90,30	90,50
abn amro japan	37,20	37,40
aegon usa	64,80	65,10
allianz	28,30	28,40
amro sterl	59,90	60,00
asn milieu	37,80	37,90
bever holding	12,60	12,70
global fund	112,40	112,80
hollandse fonds	88,70	88,90
ing geldm	103,10	103,10
ing pacific	71,60	71,90
kempen growth	46,30	46,50
mp north am	79,50	79,80
oppenheim	42,10	42,30
postbank	81,20	81,40
rabo obl	66,40	66,40
aaf	38,50	38,60
abn amro aand	88,70	89,10
abn amro ecuf	110,90	110,90
abn amro liq	101,60	101,70
abn amro obl	73,40	73,40
abn amro ren	68,20	68,30
aegon aand	84,60	84,80
alliance fund	27,10	27,20
amerika fonds	124,30	124,90
asn aand	56,40	56,50
beleggersbel	39,20	39,30
delta lloyd inv	61,10	61,30
dp amerika	91,40	91,80
eurinvest	45,70	45,90
europafonds	152,30	152,80
groeifonds	63,10	63,30
ing aandelen	107,60	107,90
interbonds	66,20	66,20
